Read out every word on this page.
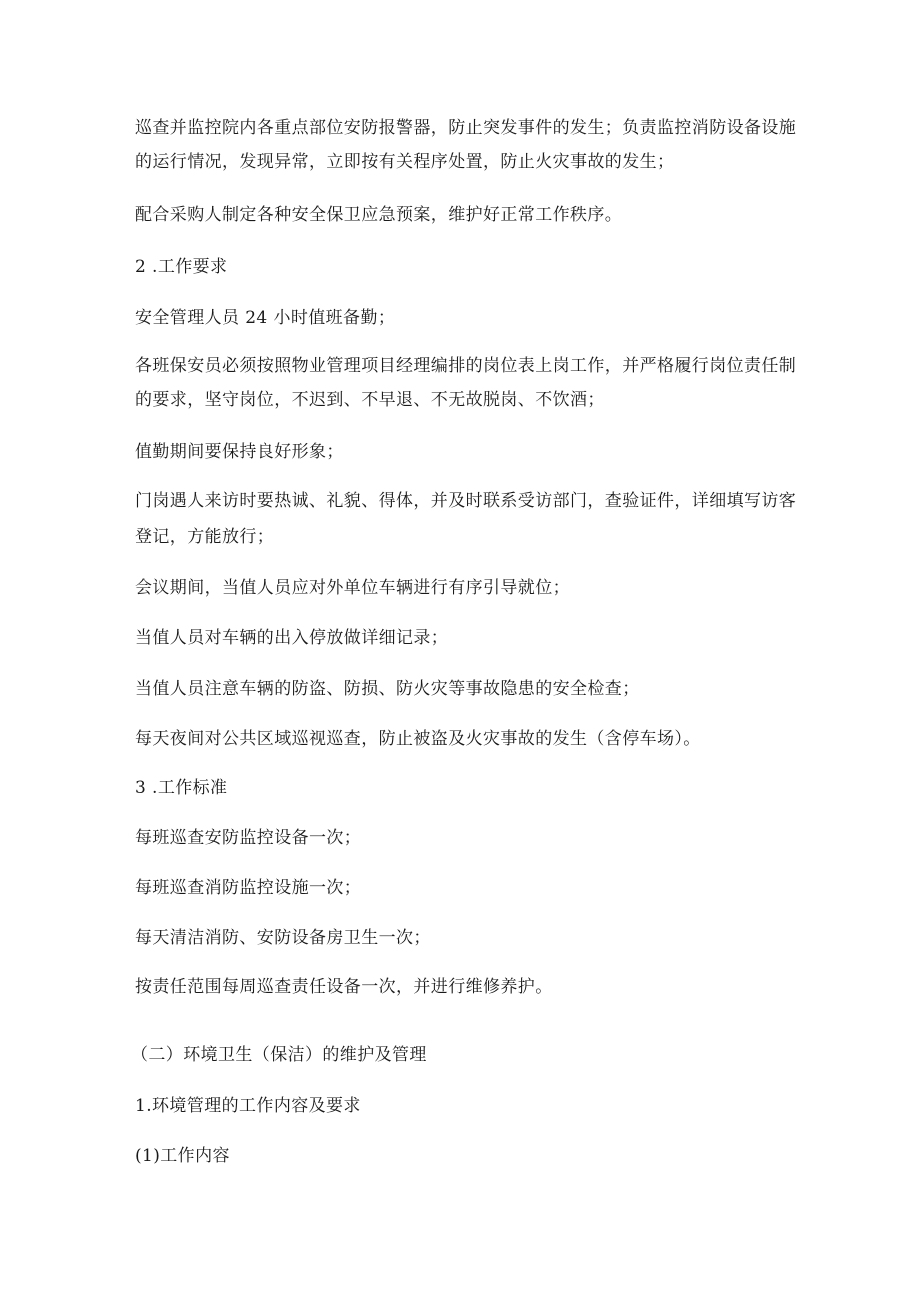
巡查并监控院内各重点部位安防报警器，防止突发事件的发生；负责监控消防设备设施
的运行情况，发现异常，立即按有关程序处置，防止火灾事故的发生；
配合采购人制定各种安全保卫应急预案，维护好正常工作秩序。
2 .工作要求
安全管理人员 24 小时值班备勤；
各班保安员必须按照物业管理项目经理编排的岗位表上岗工作，并严格履行岗位责任制
的要求，坚守岗位，不迟到、不早退、不无故脱岗、不饮酒；
值勤期间要保持良好形象；
门岗遇人来访时要热诚、礼貌、得体，并及时联系受访部门，查验证件，详细填写访客
登记，方能放行；
会议期间，当值人员应对外单位车辆进行有序引导就位；
当值人员对车辆的出入停放做详细记录；
当值人员注意车辆的防盗、防损、防火灾等事故隐患的安全检查；
每天夜间对公共区域巡视巡查，防止被盗及火灾事故的发生（含停车场）。
3 .工作标准
每班巡查安防监控设备一次；
每班巡查消防监控设施一次；
每天清洁消防、安防设备房卫生一次；
按责任范围每周巡查责任设备一次，并进行维修养护。
（二）环境卫生（保洁）的维护及管理
1.环境管理的工作内容及要求
(1)工作内容
